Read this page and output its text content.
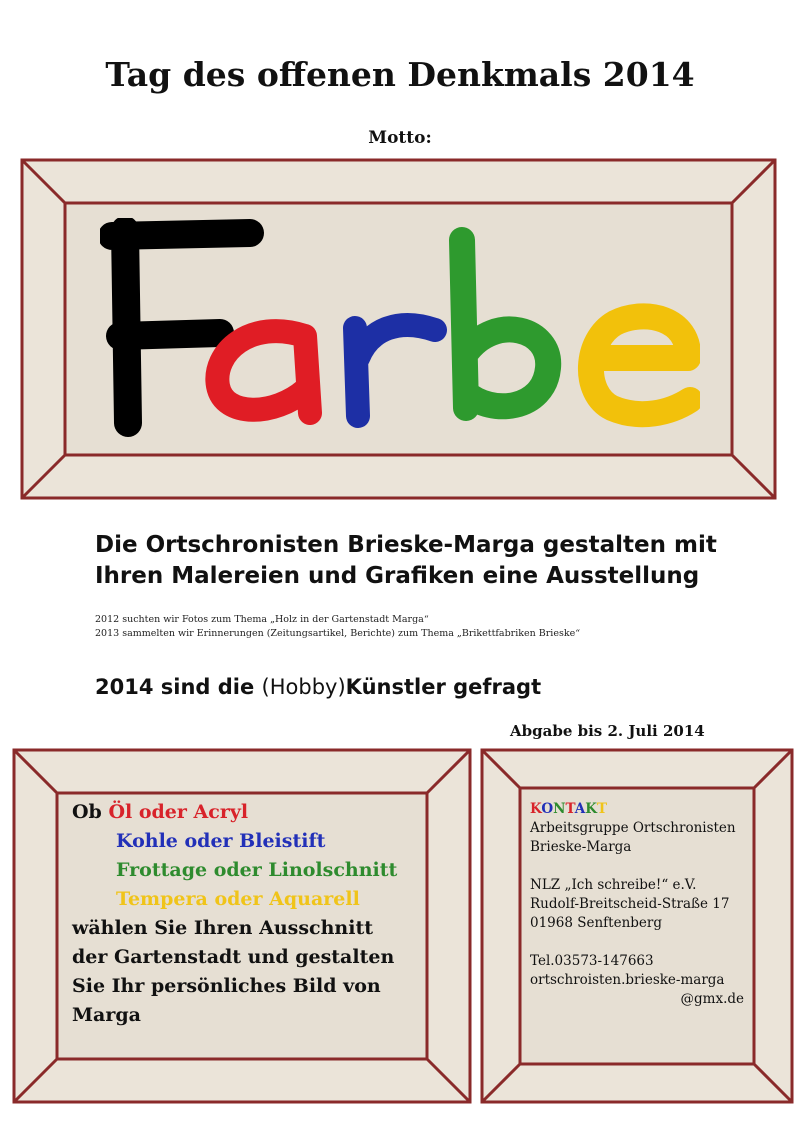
Tag des offenen Denkmals 2014
Motto:
Die Ortschronisten Brieske-Marga gestalten mit
Ihren Malereien und Grafiken eine Ausstellung
2012 suchten wir Fotos zum Thema „Holz in der Gartenstadt Marga“
2013 sammelten wir Erinnerungen (Zeitungsartikel, Berichte) zum Thema „Brikettfabriken Brieske“
2014 sind die (Hobby)Künstler gefragt
Abgabe bis 2. Juli 2014
Ob Öl oder Acryl
Kohle oder Bleistift
Frottage oder Linolschnitt
Tempera oder Aquarell
wählen Sie Ihren Ausschnitt
der Gartenstadt und gestalten
Sie Ihr persönliches Bild von
Marga
KONTAKT
Arbeitsgruppe Ortschronisten
Brieske-Marga
NLZ „Ich schreibe!“ e.V.
Rudolf-Breitscheid-Straße 17
01968 Senftenberg
Tel.03573-147663
ortschroisten.brieske-marga
@gmx.de
